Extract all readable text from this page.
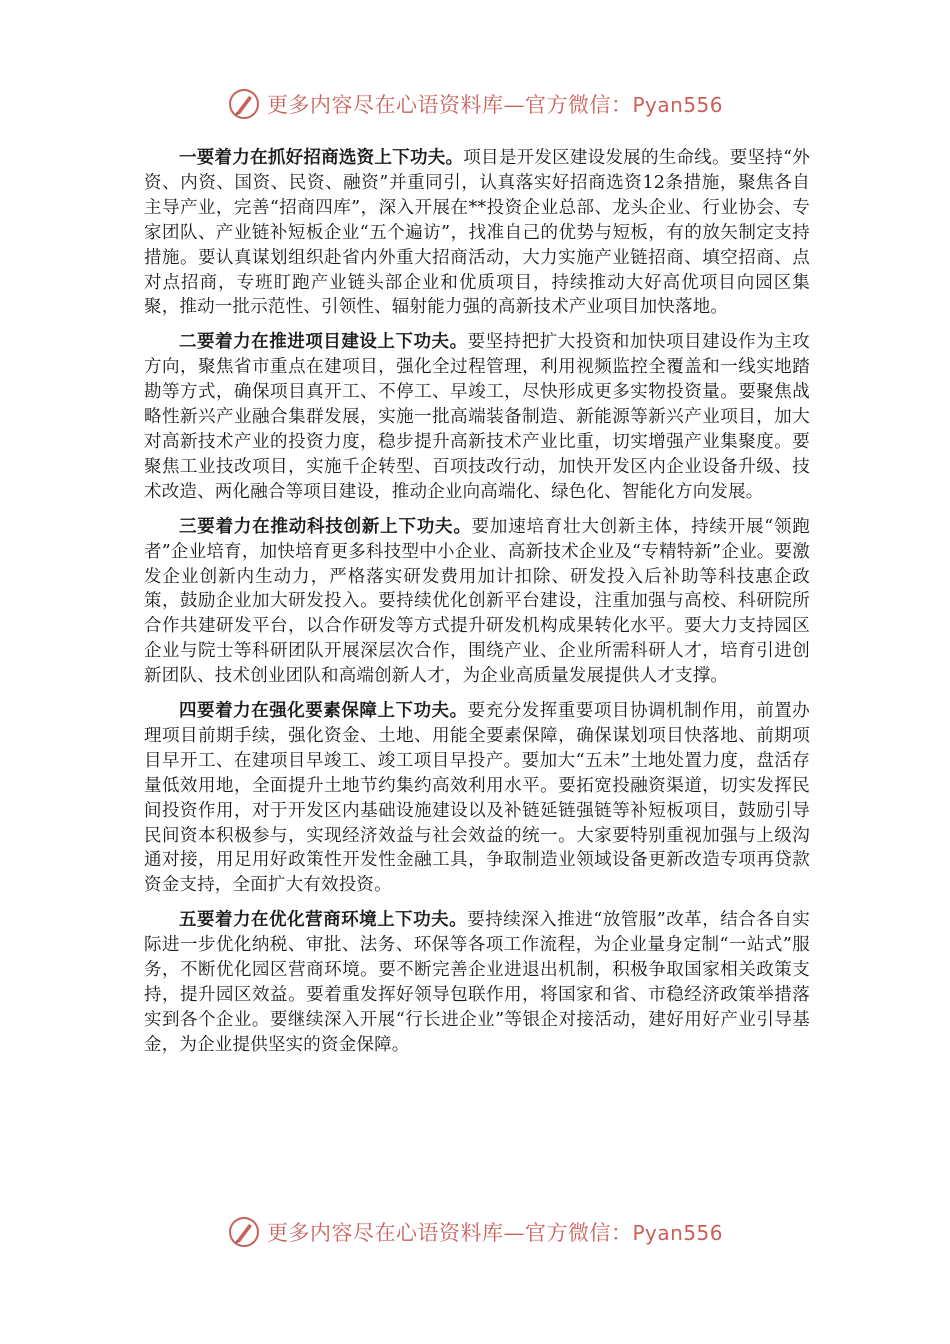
更多内容尽在心语资料库—官方微信：Pyan556

一要着力在抓好招商选资上下功夫。项目是开发区建设发展的生命线。要坚持“外资、内资、国资、民资、融资”并重同引，认真落实好招商选资12条措施，聚焦各自主导产业，完善“招商四库”，深入开展在**投资企业总部、龙头企业、行业协会、专家团队、产业链补短板企业“五个遍访”，找准自己的优势与短板，有的放矢制定支持措施。要认真谋划组织赴省内外重大招商活动，大力实施产业链招商、填空招商、点对点招商，专班盯跑产业链头部企业和优质项目，持续推动大好高优项目向园区集聚，推动一批示范性、引领性、辐射能力强的高新技术产业项目加快落地。

二要着力在推进项目建设上下功夫。要坚持把扩大投资和加快项目建设作为主攻方向，聚焦省市重点在建项目，强化全过程管理，利用视频监控全覆盖和一线实地踏勘等方式，确保项目真开工、不停工、早竣工，尽快形成更多实物投资量。要聚焦战略性新兴产业融合集群发展，实施一批高端装备制造、新能源等新兴产业项目，加大对高新技术产业的投资力度，稳步提升高新技术产业比重，切实增强产业集聚度。要聚焦工业技改项目，实施千企转型、百项技改行动，加快开发区内企业设备升级、技术改造、两化融合等项目建设，推动企业向高端化、绿色化、智能化方向发展。

三要着力在推动科技创新上下功夫。要加速培育壮大创新主体，持续开展“领跑者”企业培育，加快培育更多科技型中小企业、高新技术企业及“专精特新”企业。要激发企业创新内生动力，严格落实研发费用加计扣除、研发投入后补助等科技惠企政策，鼓励企业加大研发投入。要持续优化创新平台建设，注重加强与高校、科研院所合作共建研发平台，以合作研发等方式提升研发机构成果转化水平。要大力支持园区企业与院士等科研团队开展深层次合作，围绕产业、企业所需科研人才，培育引进创新团队、技术创业团队和高端创新人才，为企业高质量发展提供人才支撑。

四要着力在强化要素保障上下功夫。要充分发挥重要项目协调机制作用，前置办理项目前期手续，强化资金、土地、用能全要素保障，确保谋划项目快落地、前期项目早开工、在建项目早竣工、竣工项目早投产。要加大“五未”土地处置力度，盘活存量低效用地，全面提升土地节约集约高效利用水平。要拓宽投融资渠道，切实发挥民间投资作用，对于开发区内基础设施建设以及补链延链强链等补短板项目，鼓励引导民间资本积极参与，实现经济效益与社会效益的统一。大家要特别重视加强与上级沟通对接，用足用好政策性开发性金融工具，争取制造业领域设备更新改造专项再贷款资金支持，全面扩大有效投资。

五要着力在优化营商环境上下功夫。要持续深入推进“放管服”改革，结合各自实际进一步优化纳税、审批、法务、环保等各项工作流程，为企业量身定制“一站式”服务，不断优化园区营商环境。要不断完善企业进退出机制，积极争取国家相关政策支持，提升园区效益。要着重发挥好领导包联作用，将国家和省、市稳经济政策举措落实到各个企业。要继续深入开展“行长进企业”等银企对接活动，建好用好产业引导基金，为企业提供坚实的资金保障。

更多内容尽在心语资料库—官方微信：Pyan556
